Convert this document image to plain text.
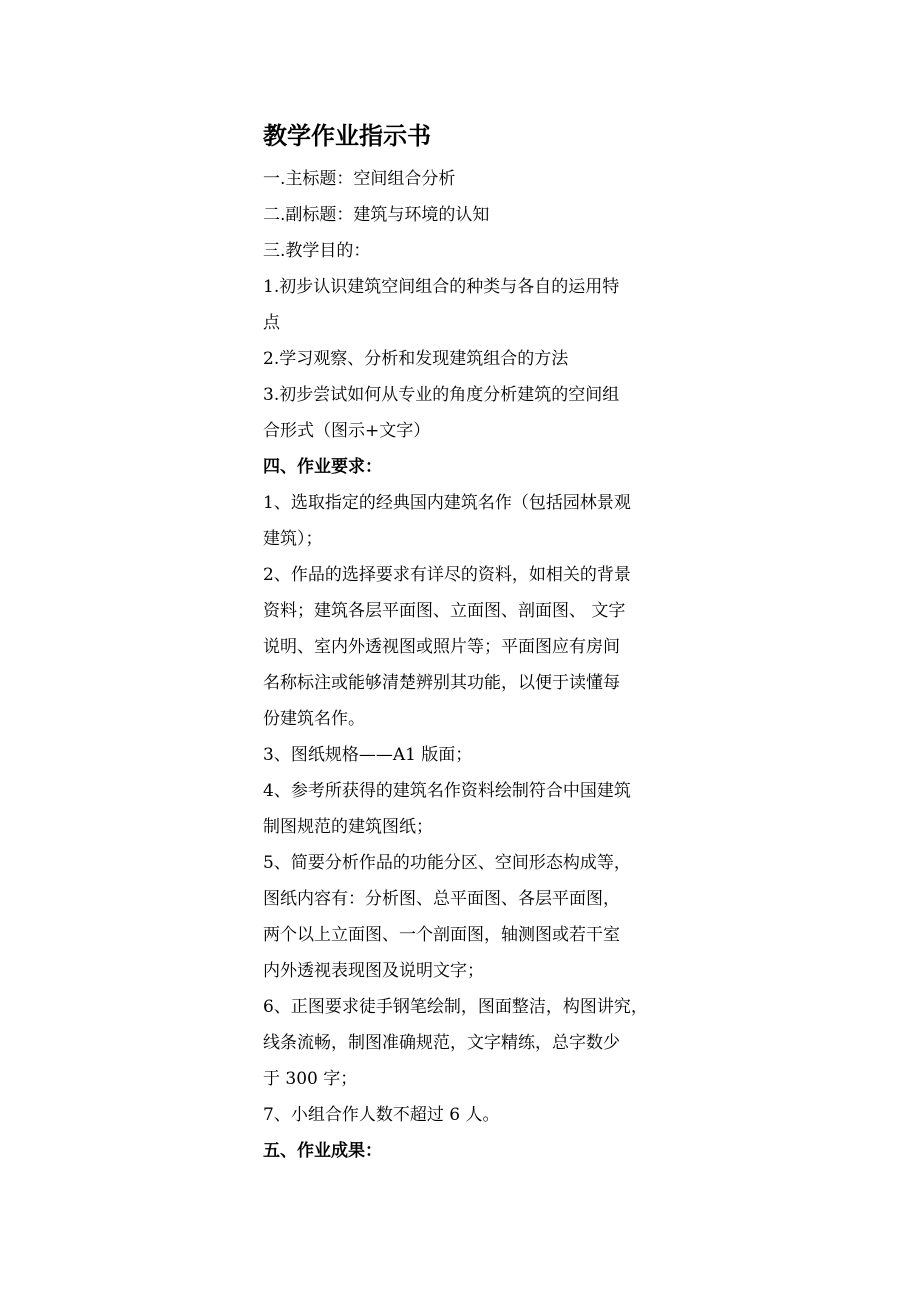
教学作业指示书
一.主标题：空间组合分析
二.副标题：建筑与环境的认知
三.教学目的：
1.初步认识建筑空间组合的种类与各自的运用特
点
2.学习观察、分析和发现建筑组合的方法
3.初步尝试如何从专业的角度分析建筑的空间组
合形式（图示+文字）
四、作业要求：
1、选取指定的经典国内建筑名作（包括园林景观
建筑）；
2、作品的选择要求有详尽的资料，如相关的背景
资料；建筑各层平面图、立面图、剖面图、 文字
说明、室内外透视图或照片等；平面图应有房间
名称标注或能够清楚辨别其功能，以便于读懂每
份建筑名作。
3、图纸规格——A1 版面；
4、参考所获得的建筑名作资料绘制符合中国建筑
制图规范的建筑图纸；
5、简要分析作品的功能分区、空间形态构成等，
图纸内容有：分析图、总平面图、各层平面图，
两个以上立面图、一个剖面图，轴测图或若干室
内外透视表现图及说明文字；
6、正图要求徒手钢笔绘制，图面整洁，构图讲究，
线条流畅，制图准确规范，文字精练，总字数少
于 300 字；
7、小组合作人数不超过 6 人。
五、作业成果：
